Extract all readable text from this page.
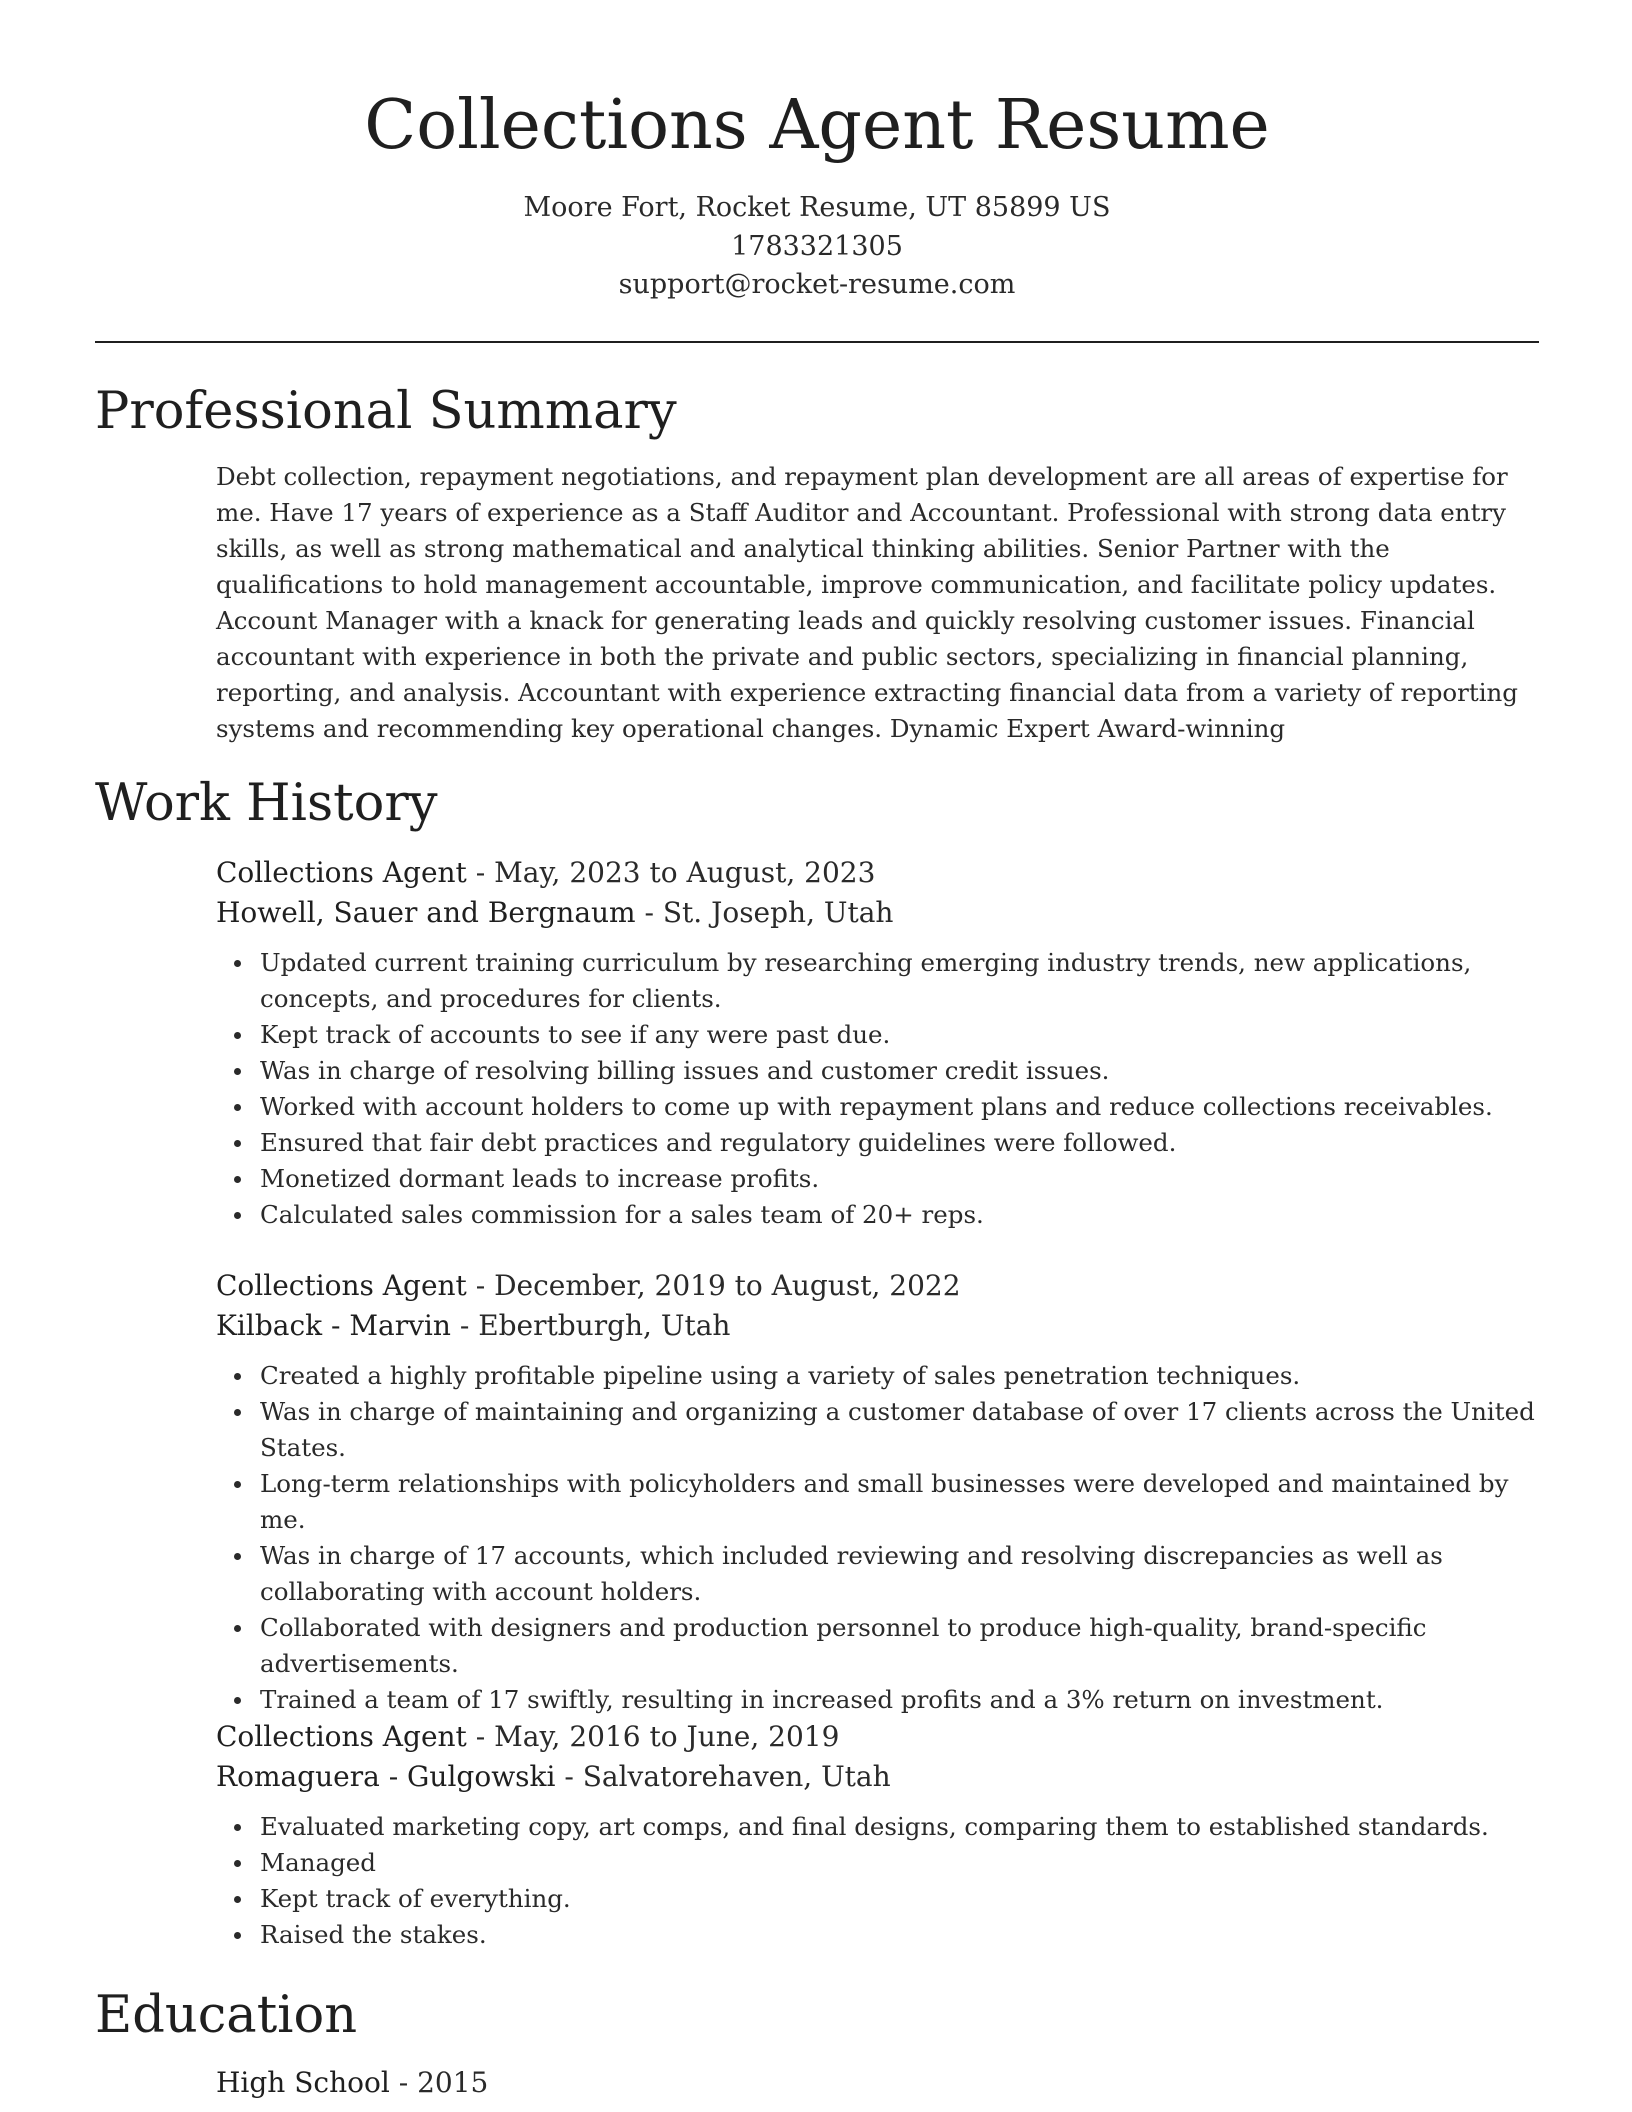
Collections Agent Resume
Moore Fort, Rocket Resume, UT 85899 US
1783321305
support@rocket-resume.com
Professional Summary

Debt collection, repayment negotiations, and repayment plan development are all areas of expertise for me. Have 17 years of experience as a Staff Auditor and Accountant. Professional with strong data entry skills, as well as strong mathematical and analytical thinking abilities. Senior Partner with the qualifications to hold management accountable, improve communication, and facilitate policy updates. Account Manager with a knack for generating leads and quickly resolving customer issues. Financial accountant with experience in both the private and public sectors, specializing in financial planning, reporting, and analysis. Accountant with experience extracting financial data from a variety of reporting systems and recommending key operational changes. Dynamic Expert Award-winning

Work History
Collections Agent - May, 2023 to August, 2023
Howell, Sauer and Bergnaum - St. Joseph, Utah
Updated current training curriculum by researching emerging industry trends, new applications, concepts, and procedures for clients.
Kept track of accounts to see if any were past due.
Was in charge of resolving billing issues and customer credit issues.
Worked with account holders to come up with repayment plans and reduce collections receivables.
Ensured that fair debt practices and regulatory guidelines were followed.
Monetized dormant leads to increase profits.
Calculated sales commission for a sales team of 20+ reps.
Collections Agent - December, 2019 to August, 2022
Kilback - Marvin - Ebertburgh, Utah
Created a highly profitable pipeline using a variety of sales penetration techniques.
Was in charge of maintaining and organizing a customer database of over 17 clients across the United States.
Long-term relationships with policyholders and small businesses were developed and maintained by me.
Was in charge of 17 accounts, which included reviewing and resolving discrepancies as well as collaborating with account holders.
Collaborated with designers and production personnel to produce high-quality, brand-specific advertisements.
Trained a team of 17 swiftly, resulting in increased profits and a 3% return on investment.
Collections Agent - May, 2016 to June, 2019
Romaguera - Gulgowski - Salvatorehaven, Utah
Evaluated marketing copy, art comps, and final designs, comparing them to established standards.
Managed
Kept track of everything.
Raised the stakes.
Education
High School - 2015
